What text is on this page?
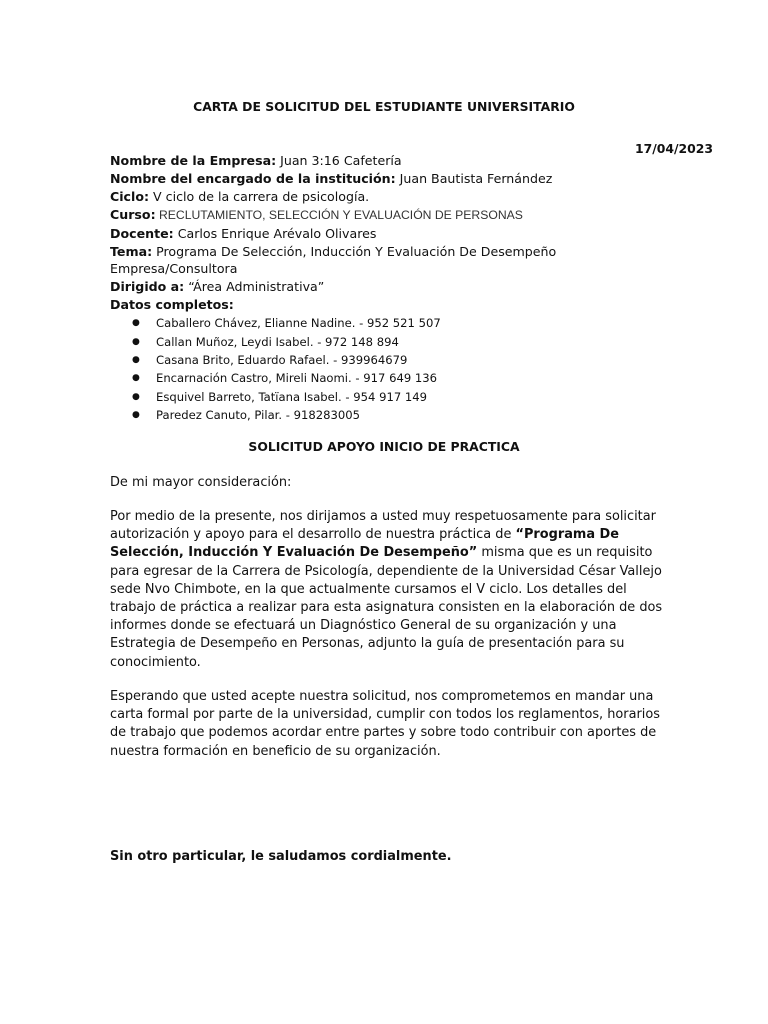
CARTA DE SOLICITUD DEL ESTUDIANTE UNIVERSITARIO
17/04/2023
Nombre de la Empresa: Juan 3:16 Cafetería
Nombre del encargado de la institución: Juan Bautista Fernández
Ciclo: V ciclo de la carrera de psicología.
Curso: RECLUTAMIENTO, SELECCIÓN Y EVALUACIÓN DE PERSONAS
Docente: Carlos Enrique Arévalo Olivares
Tema: Programa De Selección, Inducción Y Evaluación De Desempeño
Empresa/Consultora
Dirigido a: “Área Administrativa”
Datos completos:
● Caballero Chávez, Elianne Nadine. - 952 521 507
● Callan Muñoz, Leydi Isabel. - 972 148 894
● Casana Brito, Eduardo Rafael. - 939964679
● Encarnación Castro, Mireli Naomi. - 917 649 136
● Esquivel Barreto, Tatïana Isabel. - 954 917 149
● Paredez Canuto, Pilar. - 918283005
SOLICITUD APOYO INICIO DE PRACTICA
De mi mayor consideración:
Por medio de la presente, nos dirijamos a usted muy respetuosamente para solicitar autorización y apoyo para el desarrollo de nuestra práctica de “Programa De Selección, Inducción Y Evaluación De Desempeño” misma que es un requisito para egresar de la Carrera de Psicología, dependiente de la Universidad César Vallejo sede Nvo Chimbote, en la que actualmente cursamos el V ciclo. Los detalles del trabajo de práctica a realizar para esta asignatura consisten en la elaboración de dos informes donde se efectuará un Diagnóstico General de su organización y una Estrategia de Desempeño en Personas, adjunto la guía de presentación para su conocimiento.
Esperando que usted acepte nuestra solicitud, nos comprometemos en mandar una carta formal por parte de la universidad, cumplir con todos los reglamentos, horarios de trabajo que podemos acordar entre partes y sobre todo contribuir con aportes de nuestra formación en beneficio de su organización.
Sin otro particular, le saludamos cordialmente.
